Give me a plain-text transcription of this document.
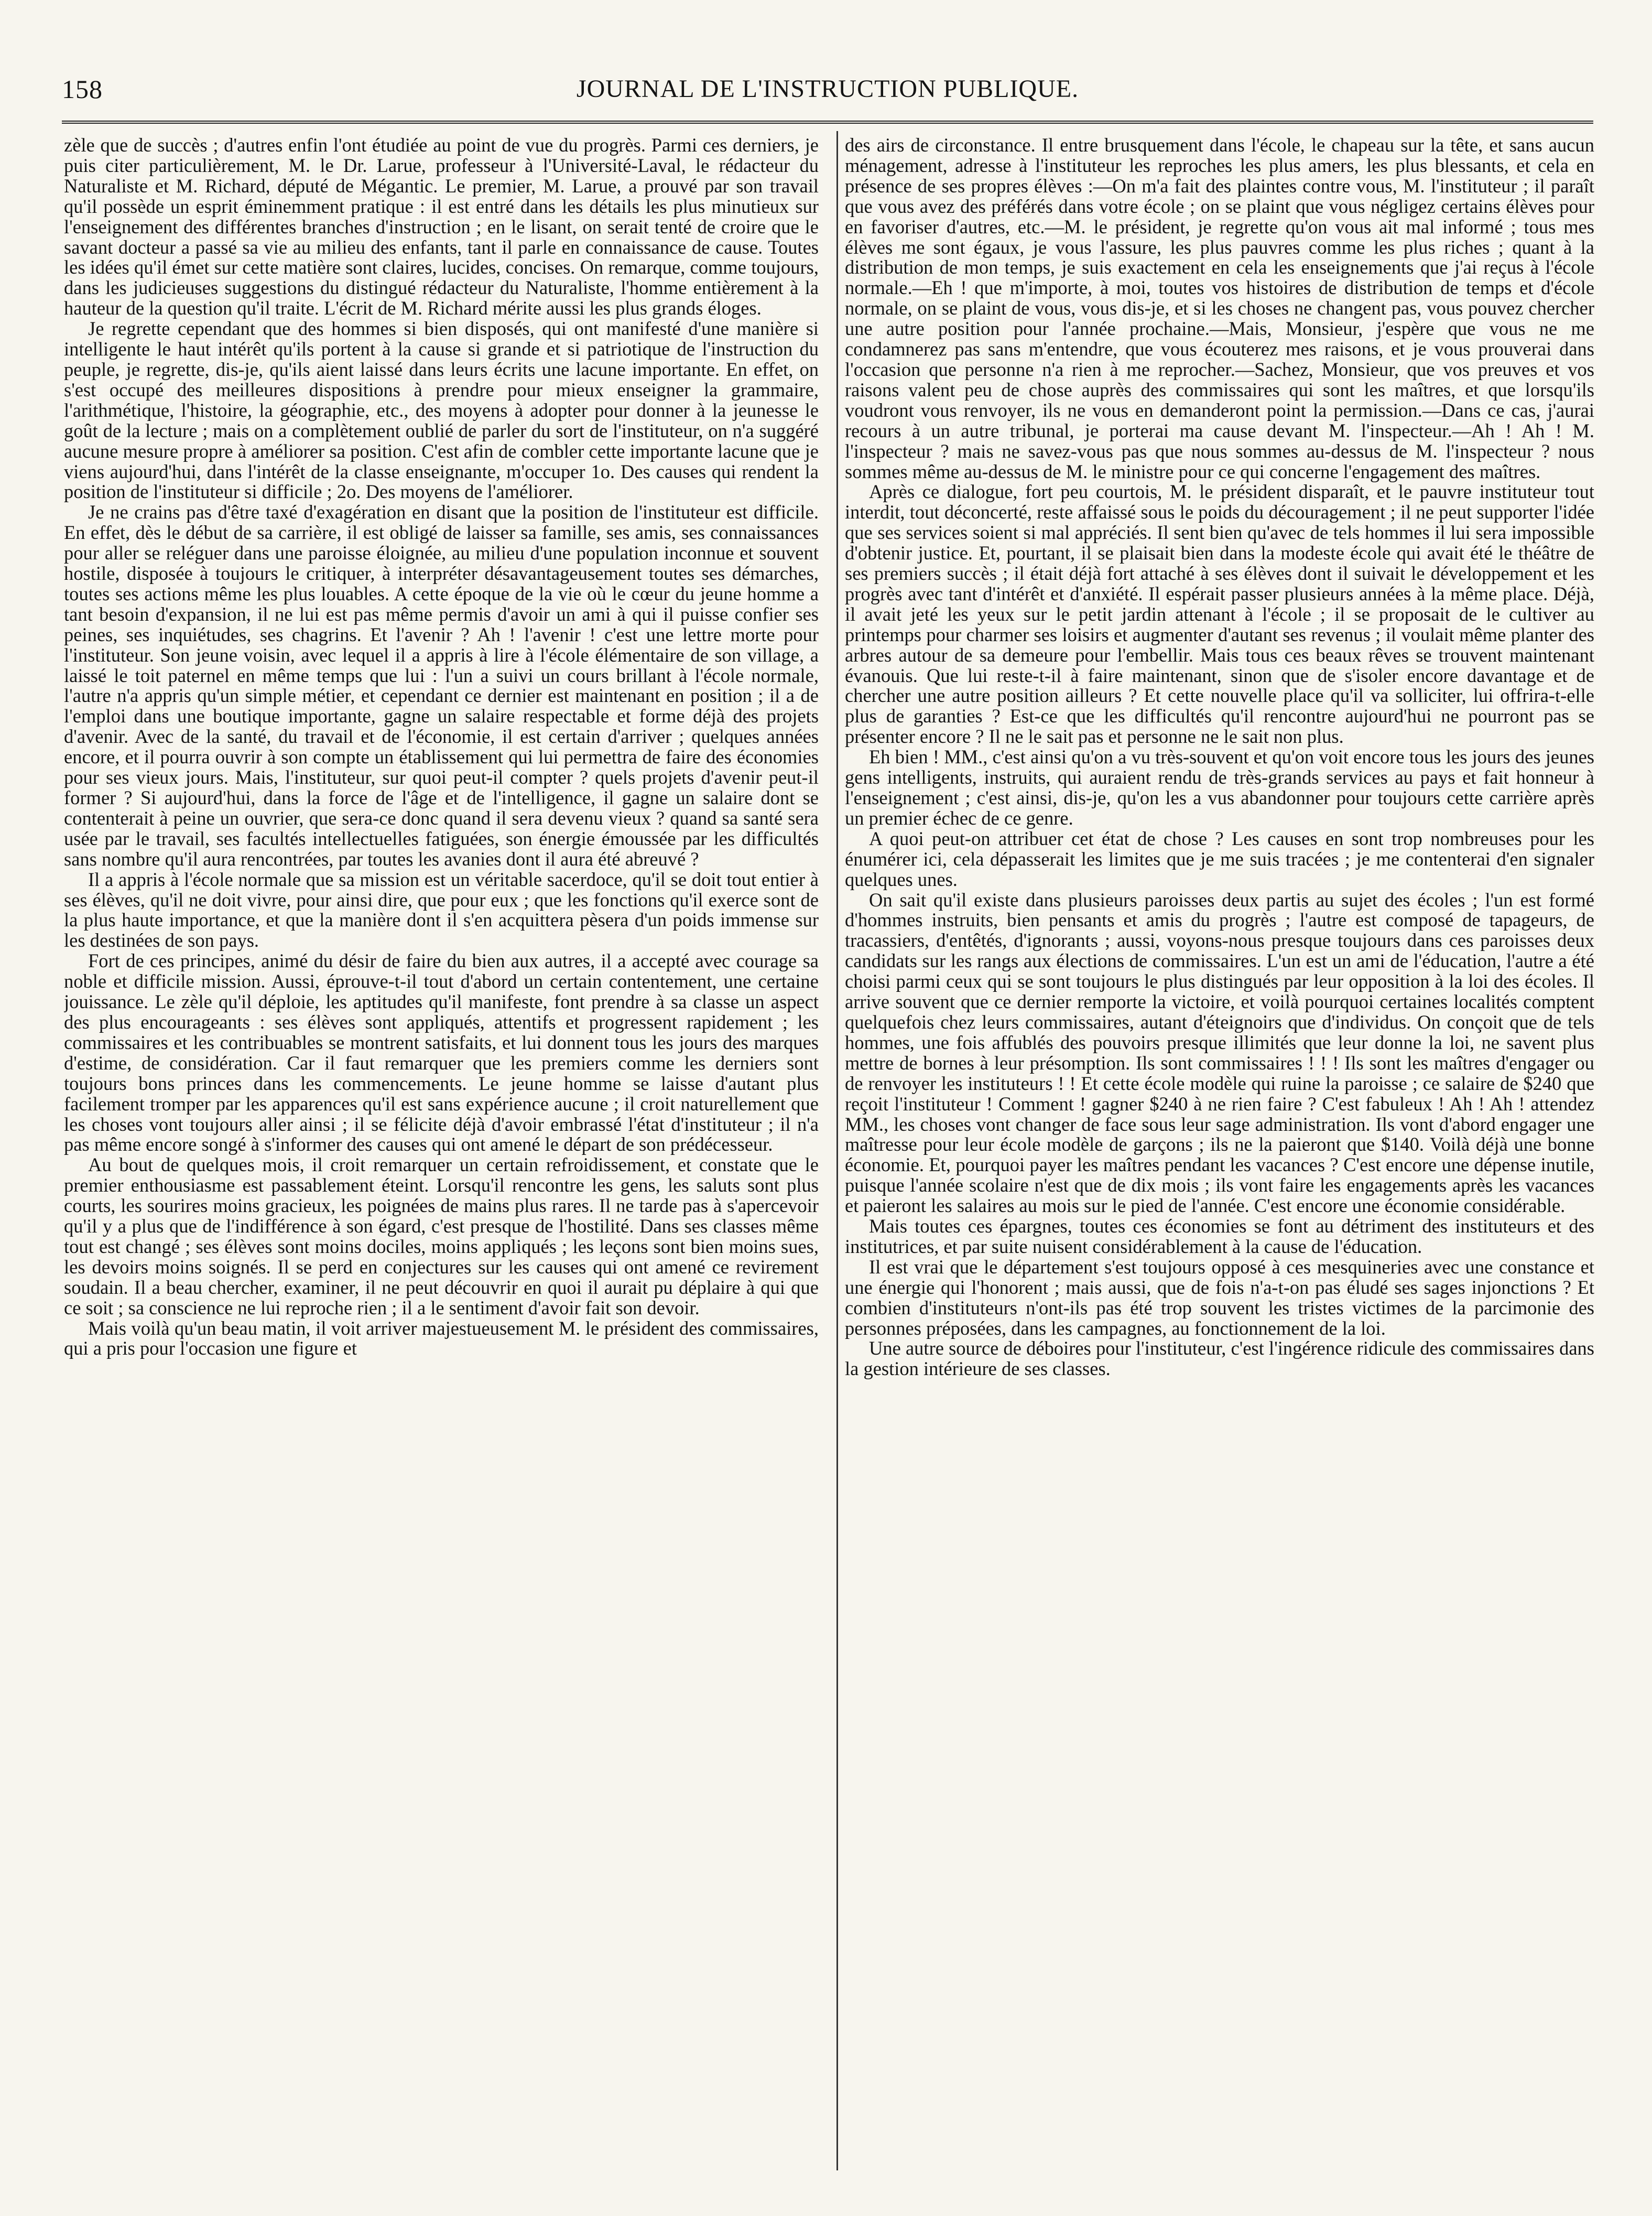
158	JOURNAL DE L'INSTRUCTION PUBLIQUE.

zèle que de succès ; d'autres enfin l'ont étudiée au point de vue du progrès. Parmi ces derniers, je puis citer particulièrement, M. le Dr. Larue, professeur à l'Université-Laval, le rédacteur du Naturaliste et M. Richard, député de Mégantic. Le premier, M. Larue, a prouvé par son travail qu'il possède un esprit éminemment pratique : il est entré dans les détails les plus minutieux sur l'enseignement des différentes branches d'instruction ; en le lisant, on serait tenté de croire que le savant docteur a passé sa vie au milieu des enfants, tant il parle en connaissance de cause. Toutes les idées qu'il émet sur cette matière sont claires, lucides, concises. On remarque, comme toujours, dans les judicieuses suggestions du distingué rédacteur du Naturaliste, l'homme entièrement à la hauteur de la question qu'il traite. L'écrit de M. Richard mérite aussi les plus grands éloges.

Je regrette cependant que des hommes si bien disposés, qui ont manifesté d'une manière si intelligente le haut intérêt qu'ils portent à la cause si grande et si patriotique de l'instruction du peuple, je regrette, dis-je, qu'ils aient laissé dans leurs écrits une lacune importante. En effet, on s'est occupé des meilleures dispositions à prendre pour mieux enseigner la grammaire, l'arithmétique, l'histoire, la géographie, etc., des moyens à adopter pour donner à la jeunesse le goût de la lecture ; mais on a complètement oublié de parler du sort de l'instituteur, on n'a suggéré aucune mesure propre à améliorer sa position. C'est afin de combler cette importante lacune que je viens aujourd'hui, dans l'intérêt de la classe enseignante, m'occuper 1o. Des causes qui rendent la position de l'instituteur si difficile ; 2o. Des moyens de l'améliorer.

Je ne crains pas d'être taxé d'exagération en disant que la position de l'instituteur est difficile. En effet, dès le début de sa carrière, il est obligé de laisser sa famille, ses amis, ses connaissances pour aller se reléguer dans une paroisse éloignée, au milieu d'une population inconnue et souvent hostile, disposée à toujours le critiquer, à interpréter désavantageusement toutes ses démarches, toutes ses actions même les plus louables. A cette époque de la vie où le cœur du jeune homme a tant besoin d'expansion, il ne lui est pas même permis d'avoir un ami à qui il puisse confier ses peines, ses inquiétudes, ses chagrins. Et l'avenir ? Ah ! l'avenir ! c'est une lettre morte pour l'instituteur. Son jeune voisin, avec lequel il a appris à lire à l'école élémentaire de son village, a laissé le toit paternel en même temps que lui : l'un a suivi un cours brillant à l'école normale, l'autre n'a appris qu'un simple métier, et cependant ce dernier est maintenant en position ; il a de l'emploi dans une boutique importante, gagne un salaire respectable et forme déjà des projets d'avenir. Avec de la santé, du travail et de l'économie, il est certain d'arriver ; quelques années encore, et il pourra ouvrir à son compte un établissement qui lui permettra de faire des économies pour ses vieux jours. Mais, l'instituteur, sur quoi peut-il compter ? quels projets d'avenir peut-il former ? Si aujourd'hui, dans la force de l'âge et de l'intelligence, il gagne un salaire dont se contenterait à peine un ouvrier, que sera-ce donc quand il sera devenu vieux ? quand sa santé sera usée par le travail, ses facultés intellectuelles fatiguées, son énergie émoussée par les difficultés sans nombre qu'il aura rencontrées, par toutes les avanies dont il aura été abreuvé ?

Il a appris à l'école normale que sa mission est un véritable sacerdoce, qu'il se doit tout entier à ses élèves, qu'il ne doit vivre, pour ainsi dire, que pour eux ; que les fonctions qu'il exerce sont de la plus haute importance, et que la manière dont il s'en acquittera pèsera d'un poids immense sur les destinées de son pays.

Fort de ces principes, animé du désir de faire du bien aux autres, il a accepté avec courage sa noble et difficile mission. Aussi, éprouve-t-il tout d'abord un certain contentement, une certaine jouissance. Le zèle qu'il déploie, les aptitudes qu'il manifeste, font prendre à sa classe un aspect des plus encourageants : ses élèves sont appliqués, attentifs et progressent rapidement ; les commissaires et les contribuables se montrent satisfaits, et lui donnent tous les jours des marques d'estime, de considération. Car il faut remarquer que les premiers comme les derniers sont toujours bons princes dans les commencements. Le jeune homme se laisse d'autant plus facilement tromper par les apparences qu'il est sans expérience aucune ; il croit naturellement que les choses vont toujours aller ainsi ; il se félicite déjà d'avoir embrassé l'état d'instituteur ; il n'a pas même encore songé à s'informer des causes qui ont amené le départ de son prédécesseur.

Au bout de quelques mois, il croit remarquer un certain refroidissement, et constate que le premier enthousiasme est passablement éteint. Lorsqu'il rencontre les gens, les saluts sont plus courts, les sourires moins gracieux, les poignées de mains plus rares. Il ne tarde pas à s'apercevoir qu'il y a plus que de l'indifférence à son égard, c'est presque de l'hostilité. Dans ses classes même tout est changé ; ses élèves sont moins dociles, moins appliqués ; les leçons sont bien moins sues, les devoirs moins soignés. Il se perd en conjectures sur les causes qui ont amené ce revirement soudain. Il a beau chercher, examiner, il ne peut découvrir en quoi il aurait pu déplaire à qui que ce soit ; sa conscience ne lui reproche rien ; il a le sentiment d'avoir fait son devoir.

Mais voilà qu'un beau matin, il voit arriver majestueusement M. le président des commissaires, qui a pris pour l'occasion une figure et

des airs de circonstance. Il entre brusquement dans l'école, le chapeau sur la tête, et sans aucun ménagement, adresse à l'instituteur les reproches les plus amers, les plus blessants, et cela en présence de ses propres élèves :—On m'a fait des plaintes contre vous, M. l'instituteur ; il paraît que vous avez des préférés dans votre école ; on se plaint que vous négligez certains élèves pour en favoriser d'autres, etc.—M. le président, je regrette qu'on vous ait mal informé ; tous mes élèves me sont égaux, je vous l'assure, les plus pauvres comme les plus riches ; quant à la distribution de mon temps, je suis exactement en cela les enseignements que j'ai reçus à l'école normale.—Eh ! que m'importe, à moi, toutes vos histoires de distribution de temps et d'école normale, on se plaint de vous, vous dis-je, et si les choses ne changent pas, vous pouvez chercher une autre position pour l'année prochaine.—Mais, Monsieur, j'espère que vous ne me condamnerez pas sans m'entendre, que vous écouterez mes raisons, et je vous prouverai dans l'occasion que personne n'a rien à me reprocher.—Sachez, Monsieur, que vos preuves et vos raisons valent peu de chose auprès des commissaires qui sont les maîtres, et que lorsqu'ils voudront vous renvoyer, ils ne vous en demanderont point la permission.—Dans ce cas, j'aurai recours à un autre tribunal, je porterai ma cause devant M. l'inspecteur.—Ah ! Ah ! M. l'inspecteur ? mais ne savez-vous pas que nous sommes au-dessus de M. l'inspecteur ? nous sommes même au-dessus de M. le ministre pour ce qui concerne l'engagement des maîtres.

Après ce dialogue, fort peu courtois, M. le président disparaît, et le pauvre instituteur tout interdit, tout déconcerté, reste affaissé sous le poids du découragement ; il ne peut supporter l'idée que ses services soient si mal appréciés. Il sent bien qu'avec de tels hommes il lui sera impossible d'obtenir justice. Et, pourtant, il se plaisait bien dans la modeste école qui avait été le théâtre de ses premiers succès ; il était déjà fort attaché à ses élèves dont il suivait le développement et les progrès avec tant d'intérêt et d'anxiété. Il espérait passer plusieurs années à la même place. Déjà, il avait jeté les yeux sur le petit jardin attenant à l'école ; il se proposait de le cultiver au printemps pour charmer ses loisirs et augmenter d'autant ses revenus ; il voulait même planter des arbres autour de sa demeure pour l'embellir. Mais tous ces beaux rêves se trouvent maintenant évanouis. Que lui reste-t-il à faire maintenant, sinon que de s'isoler encore davantage et de chercher une autre position ailleurs ? Et cette nouvelle place qu'il va solliciter, lui offrira-t-elle plus de garanties ? Est-ce que les difficultés qu'il rencontre aujourd'hui ne pourront pas se présenter encore ? Il ne le sait pas et personne ne le sait non plus.

Eh bien ! MM., c'est ainsi qu'on a vu très-souvent et qu'on voit encore tous les jours des jeunes gens intelligents, instruits, qui auraient rendu de très-grands services au pays et fait honneur à l'enseignement ; c'est ainsi, dis-je, qu'on les a vus abandonner pour toujours cette carrière après un premier échec de ce genre.

A quoi peut-on attribuer cet état de chose ? Les causes en sont trop nombreuses pour les énumérer ici, cela dépasserait les limites que je me suis tracées ; je me contenterai d'en signaler quelques unes.

On sait qu'il existe dans plusieurs paroisses deux partis au sujet des écoles ; l'un est formé d'hommes instruits, bien pensants et amis du progrès ; l'autre est composé de tapageurs, de tracassiers, d'entêtés, d'ignorants ; aussi, voyons-nous presque toujours dans ces paroisses deux candidats sur les rangs aux élections de commissaires. L'un est un ami de l'éducation, l'autre a été choisi parmi ceux qui se sont toujours le plus distingués par leur opposition à la loi des écoles. Il arrive souvent que ce dernier remporte la victoire, et voilà pourquoi certaines localités comptent quelquefois chez leurs commissaires, autant d'éteignoirs que d'individus. On conçoit que de tels hommes, une fois affublés des pouvoirs presque illimités que leur donne la loi, ne savent plus mettre de bornes à leur présomption. Ils sont commissaires ! ! ! Ils sont les maîtres d'engager ou de renvoyer les instituteurs ! ! Et cette école modèle qui ruine la paroisse ; ce salaire de $240 que reçoit l'instituteur ! Comment ! gagner $240 à ne rien faire ? C'est fabuleux ! Ah ! Ah ! attendez MM., les choses vont changer de face sous leur sage administration. Ils vont d'abord engager une maîtresse pour leur école modèle de garçons ; ils ne la paieront que $140. Voilà déjà une bonne économie. Et, pourquoi payer les maîtres pendant les vacances ? C'est encore une dépense inutile, puisque l'année scolaire n'est que de dix mois ; ils vont faire les engagements après les vacances et paieront les salaires au mois sur le pied de l'année. C'est encore une économie considérable.

Mais toutes ces épargnes, toutes ces économies se font au détriment des instituteurs et des institutrices, et par suite nuisent considérablement à la cause de l'éducation.

Il est vrai que le département s'est toujours opposé à ces mesquineries avec une constance et une énergie qui l'honorent ; mais aussi, que de fois n'a-t-on pas éludé ses sages injonctions ? Et combien d'instituteurs n'ont-ils pas été trop souvent les tristes victimes de la parcimonie des personnes préposées, dans les campagnes, au fonctionnement de la loi.

Une autre source de déboires pour l'instituteur, c'est l'ingérence ridicule des commissaires dans la gestion intérieure de ses classes.
